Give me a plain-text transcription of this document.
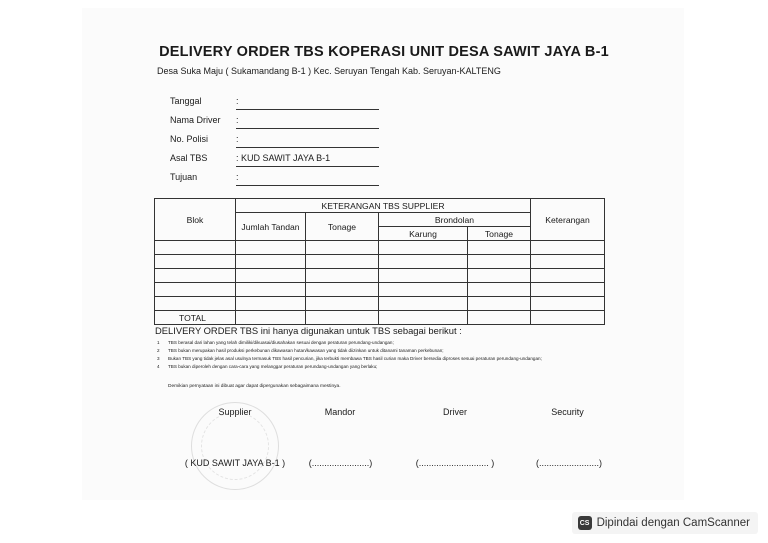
DELIVERY ORDER TBS KOPERASI UNIT DESA SAWIT JAYA B-1
Desa Suka Maju ( Sukamandang B-1 ) Kec. Seruyan Tengah Kab. Seruyan-KALTENG
Tanggal	:
Nama Driver	:
No. Polisi	:
Asal TBS	: KUD SAWIT JAYA B-1
Tujuan	:
Blok	KETERANGAN TBS SUPPLIER				Keterangan
	Jumlah Tandan	Tonage	Brondolan		
			Karung	Tonage	

TOTAL					
DELIVERY ORDER TBS ini hanya digunakan untuk TBS sebagai berikut :
1 TBS berasal dari lahan yang telah dimiliki/dikuasai/diusahakan sesuai dengan peraturan perundang-undangan;
2 TBS bukan merupakan hasil produksi perkebunan dikawasan hutan/kawasan yang tidak diizinkan untuk ditanami tanaman perkebunan;
3 Bukan TBS yang tidak jelas asal usulnya termasuk TBS hasil pencurian, jika terbukti membawa TBS hasil curian maka Driver bersedia diproses sesuai peraturan perundang-undangan;
4 TBS bukan diperoleh dengan cara-cara yang melanggar peraturan perundang-undangan yang berlaku;
Demikian pernyataan ini dibuat agar dapat dipergunakan sebagaimana mestinya.
Supplier	Mandor	Driver	Security
( KUD SAWIT JAYA B-1 )	(.......................)	(............................ )	(........................)
CS Dipindai dengan CamScanner
